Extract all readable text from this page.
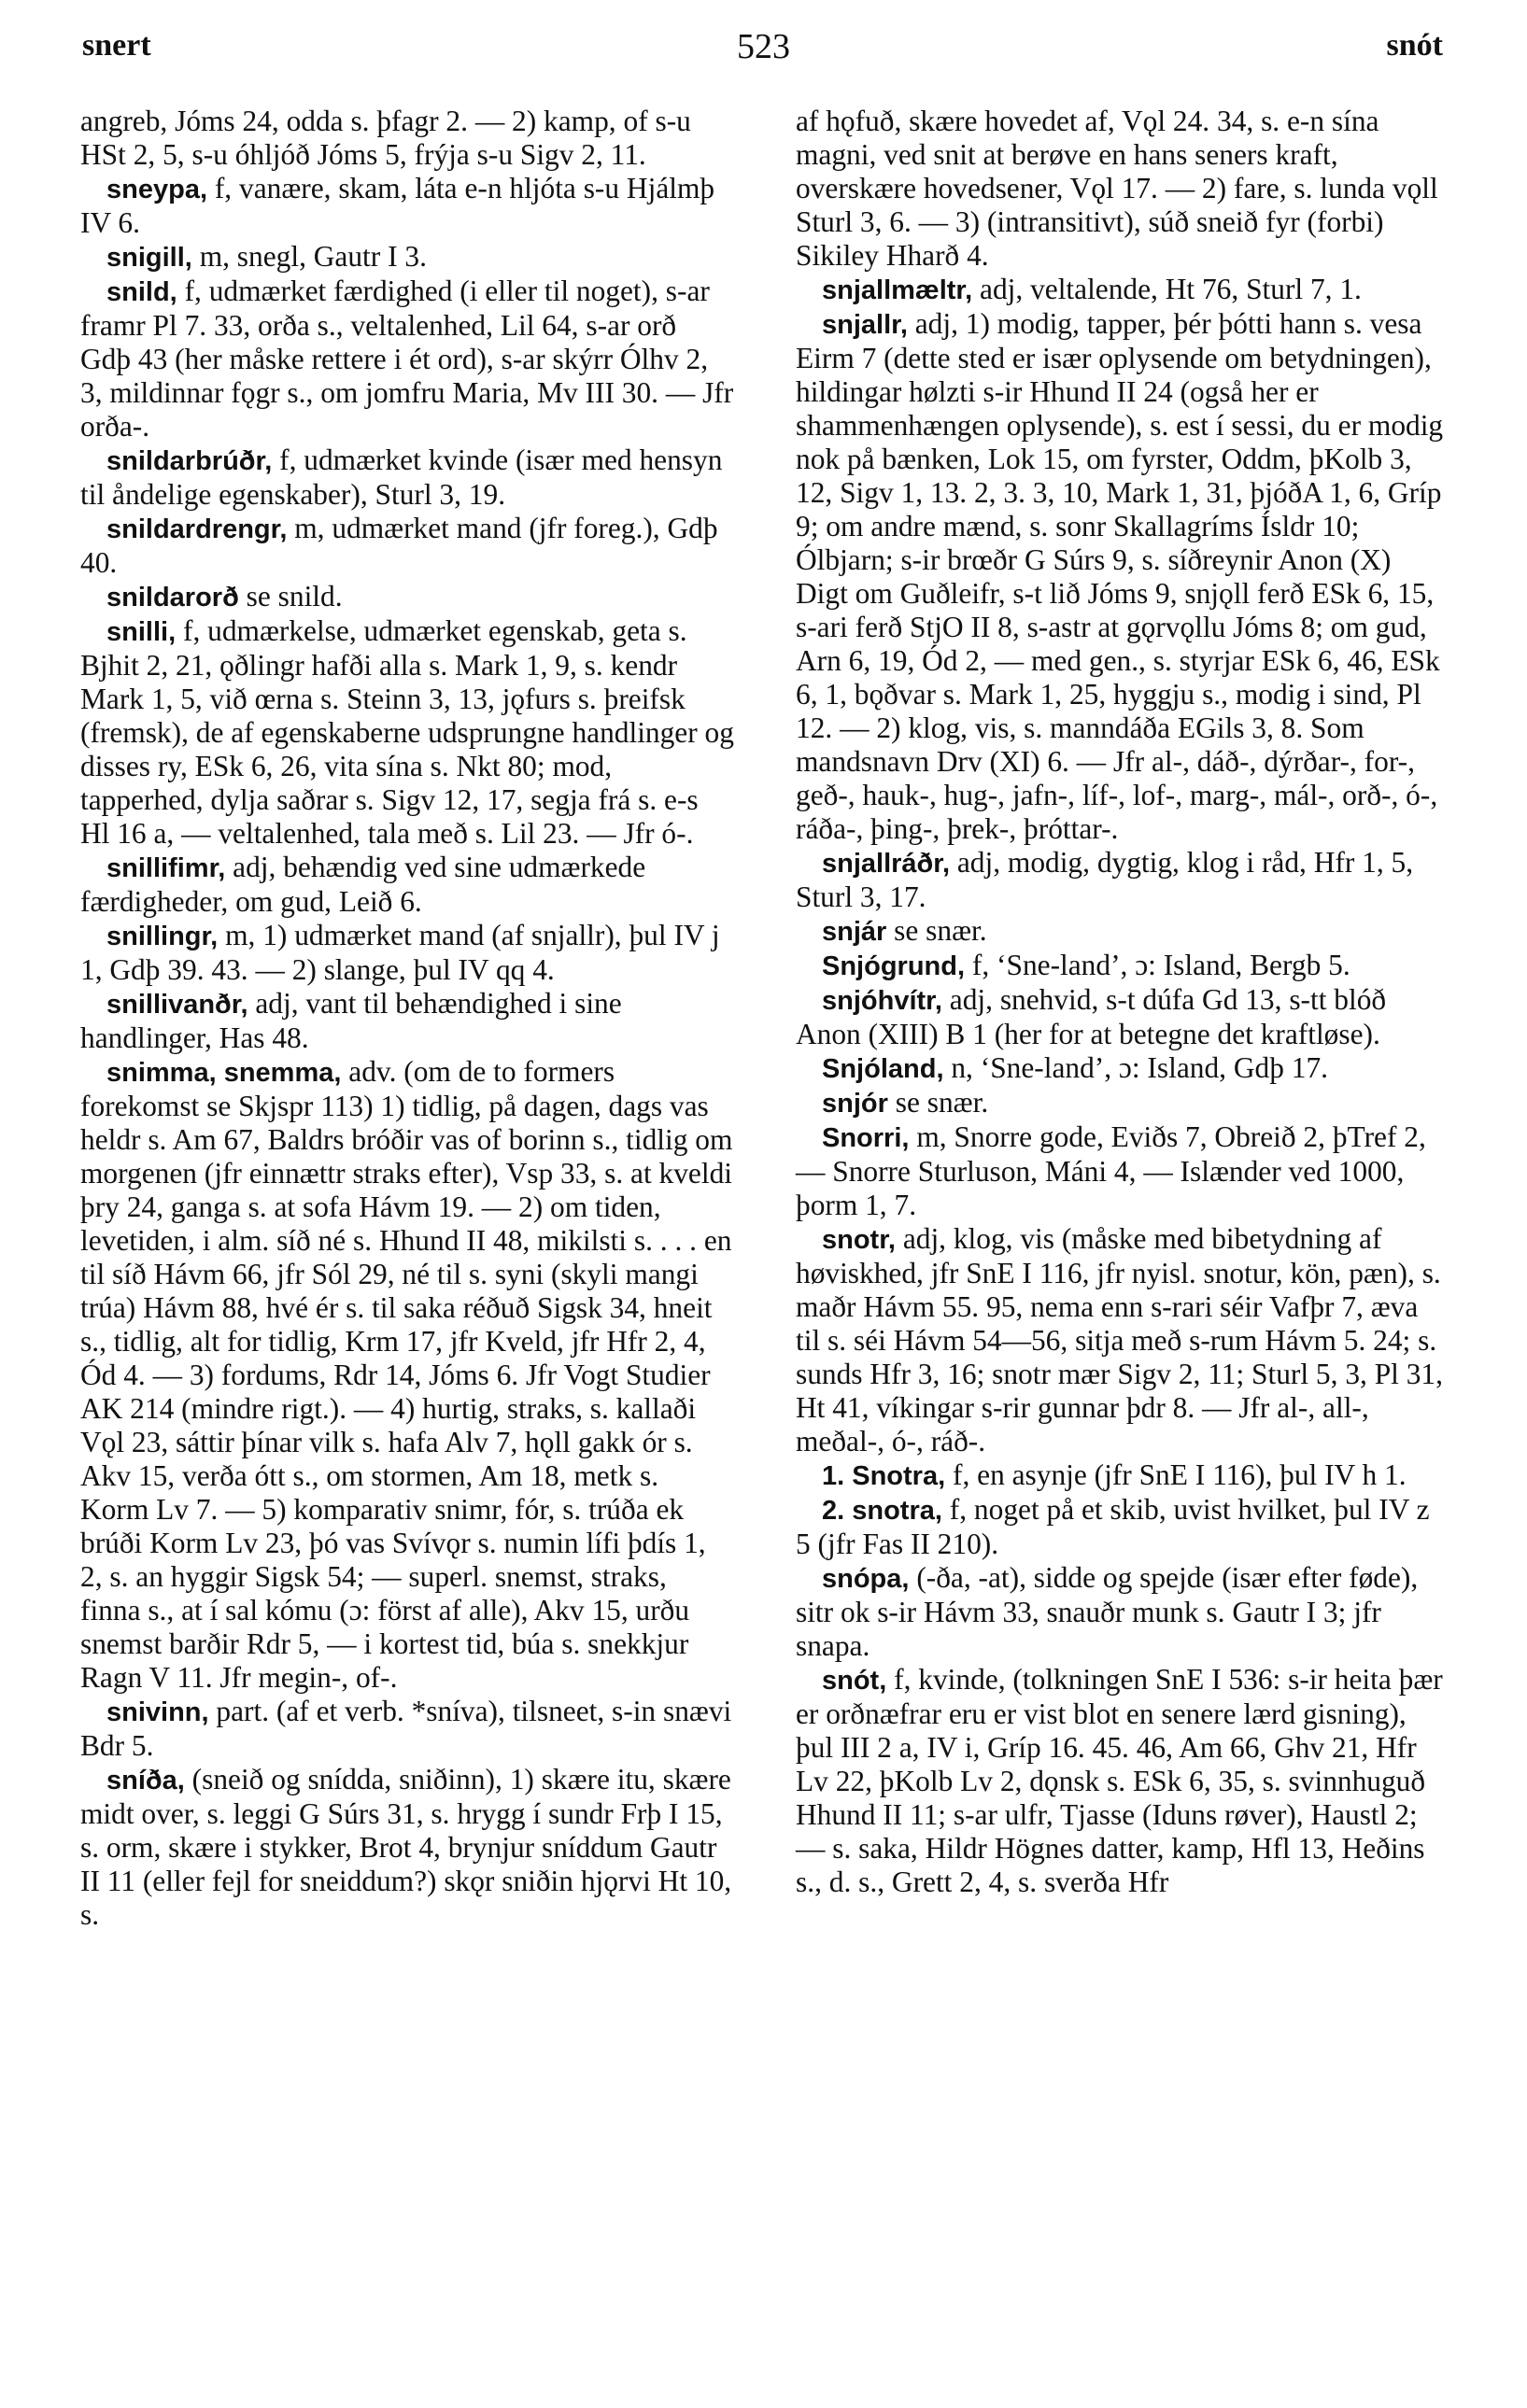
snert	523	snót
angreb, Jóms 24, odda s. þfagr 2. — 2) kamp, of s-u HSt 2, 5, s-u óhljóð Jóms 5, frýja s-u Sigv 2, 11.
sneypa, f, vanære, skam, láta e-n hljóta s-u Hjálmþ IV 6.
snigill, m, snegl, Gautr I 3.
snild, f, udmærket færdighed (i eller til noget), s-ar framr Pl 7. 33, orða s., veltalenhed, Lil 64, s-ar orð Gdþ 43 (her måske rettere i ét ord), s-ar skýrr Ólhv 2, 3, mildinnar fǫgr s., om jomfru Maria, Mv III 30. — Jfr orða-.
snildarbrúðr, f, udmærket kvinde (især med hensyn til åndelige egenskaber), Sturl 3, 19.
snildardrengr, m, udmærket mand (jfr foreg.), Gdþ 40.
snildarorð se snild.
snilli, f, udmærkelse, udmærket egenskab, geta s. Bjhit 2, 21, ǫðlingr hafði alla s. Mark 1, 9, s. kendr Mark 1, 5, við œrna s. Steinn 3, 13, jǫfurs s. þreifsk (fremsk), de af egenskaberne udsprungne handlinger og disses ry, ESk 6, 26, vita sína s. Nkt 80; mod, tapperhed, dylja saðrar s. Sigv 12, 17, segja frá s. e-s Hl 16 a, — veltalenhed, tala með s. Lil 23. — Jfr ó-.
snillifimr, adj, behændig ved sine udmærkede færdigheder, om gud, Leið 6.
snillingr, m, 1) udmærket mand (af snjallr), þul IV j 1, Gdþ 39. 43. — 2) slange, þul IV qq 4.
snillivanðr, adj, vant til behændighed i sine handlinger, Has 48.
snimma, snemma, adv. (om de to formers forekomst se Skjspr 113) 1) tidlig, på dagen, dags vas heldr s. Am 67, Baldrs bróðir vas of borinn s., tidlig om morgenen (jfr einnættr straks efter), Vsp 33, s. at kveldi þry 24, ganga s. at sofa Hávm 19. — 2) om tiden, levetiden, i alm. síð né s. Hhund II 48, mikilsti s. . . . en til síð Hávm 66, jfr Sól 29, né til s. syni (skyli mangi trúa) Hávm 88, hvé ér s. til saka réðuð Sigsk 34, hneit s., tidlig, alt for tidlig, Krm 17, jfr Kveld, jfr Hfr 2, 4, Ód 4. — 3) fordums, Rdr 14, Jóms 6. Jfr Vogt Studier AK 214 (mindre rigt.). — 4) hurtig, straks, s. kallaði Vǫl 23, sáttir þínar vilk s. hafa Alv 7, hǫll gakk ór s. Akv 15, verða ótt s., om stormen, Am 18, metk s. Korm Lv 7. — 5) komparativ snimr, fór, s. trúða ek brúði Korm Lv 23, þó vas Svívǫr s. numin lífi þdís 1, 2, s. an hyggir Sigsk 54; — superl. snemst, straks, finna s., at í sal kómu (ɔ: först af alle), Akv 15, urðu snemst barðir Rdr 5, — i kortest tid, búa s. snekkjur Ragn V 11. Jfr megin-, of-.
snivinn, part. (af et verb. *sníva), tilsneet, s-in snævi Bdr 5.
sníða, (sneið og snídda, sniðinn), 1) skære itu, skære midt over, s. leggi G Súrs 31, s. hrygg í sundr Frþ I 15, s. orm, skære i stykker, Brot 4, brynjur sníddum Gautr II 11 (eller fejl for sneiddum?) skǫr sniðin hjǫrvi Ht 10, s.
af hǫfuð, skære hovedet af, Vǫl 24. 34, s. e-n sína magni, ved snit at berøve en hans seners kraft, overskære hovedsener, Vǫl 17. — 2) fare, s. lunda vǫll Sturl 3, 6. — 3) (intransitivt), súð sneið fyr (forbi) Sikiley Hharð 4.
snjallmæltr, adj, veltalende, Ht 76, Sturl 7, 1.
snjallr, adj, 1) modig, tapper, þér þótti hann s. vesa Eirm 7 (dette sted er især oplysende om betydningen), hildingar hølzti s-ir Hhund II 24 (også her er shammenhængen oplysende), s. est í sessi, du er modig nok på bænken, Lok 15, om fyrster, Oddm, þKolb 3, 12, Sigv 1, 13. 2, 3. 3, 10, Mark 1, 31, þjóðA 1, 6, Gríp 9; om andre mænd, s. sonr Skallagríms Ísldr 10; Ólbjarn; s-ir brœðr G Súrs 9, s. síðreynir Anon (X) Digt om Guðleifr, s-t lið Jóms 9, snjǫll ferð ESk 6, 15, s-ari ferð StjO II 8, s-astr at gǫrvǫllu Jóms 8; om gud, Arn 6, 19, Ód 2, — med gen., s. styrjar ESk 6, 46, ESk 6, 1, bǫðvar s. Mark 1, 25, hyggju s., modig i sind, Pl 12. — 2) klog, vis, s. manndáða EGils 3, 8. Som mandsnavn Drv (XI) 6. — Jfr al-, dáð-, dýrðar-, for-, geð-, hauk-, hug-, jafn-, líf-, lof-, marg-, mál-, orð-, ó-, ráða-, þing-, þrek-, þróttar-.
snjallráðr, adj, modig, dygtig, klog i råd, Hfr 1, 5, Sturl 3, 17.
snjár se snær.
Snjógrund, f, ‘Sne-land’, ɔ: Island, Bergb 5.
snjóhvítr, adj, snehvid, s-t dúfa Gd 13, s-tt blóð Anon (XIII) B 1 (her for at betegne det kraftløse).
Snjóland, n, ‘Sne-land’, ɔ: Island, Gdþ 17.
snjór se snær.
Snorri, m, Snorre gode, Eviðs 7, Obreið 2, þTref 2, — Snorre Sturluson, Máni 4, — Islænder ved 1000, þorm 1, 7.
snotr, adj, klog, vis (måske med bibetydning af høviskhed, jfr SnE I 116, jfr nyisl. snotur, kön, pæn), s. maðr Hávm 55. 95, nema enn s-rari séir Vafþr 7, æva til s. séi Hávm 54—56, sitja með s-rum Hávm 5. 24; s. sunds Hfr 3, 16; snotr mær Sigv 2, 11; Sturl 5, 3, Pl 31, Ht 41, víkingar s-rir gunnar þdr 8. — Jfr al-, all-, meðal-, ó-, ráð-.
1. Snotra, f, en asynje (jfr SnE I 116), þul IV h 1.
2. snotra, f, noget på et skib, uvist hvilket, þul IV z 5 (jfr Fas II 210).
snópa, (-ða, -at), sidde og spejde (især efter føde), sitr ok s-ir Hávm 33, snauðr munk s. Gautr I 3; jfr snapa.
snót, f, kvinde, (tolkningen SnE I 536: s-ir heita þær er orðnæfrar eru er vist blot en senere lærd gisning), þul III 2 a, IV i, Gríp 16. 45. 46, Am 66, Ghv 21, Hfr Lv 22, þKolb Lv 2, dǫnsk s. ESk 6, 35, s. svinnhuguð Hhund II 11; s-ar ulfr, Tjasse (Iduns røver), Haustl 2; — s. saka, Hildr Högnes datter, kamp, Hfl 13, Heðins s., d. s., Grett 2, 4, s. sverða Hfr
